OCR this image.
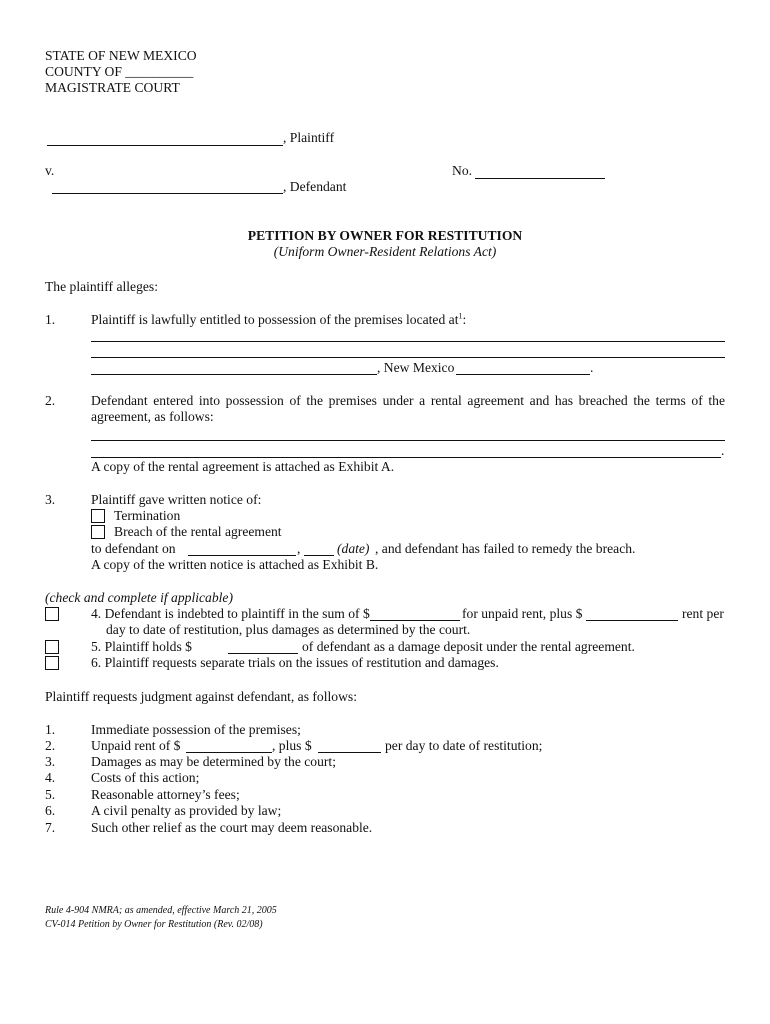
STATE OF NEW MEXICO
COUNTY OF __________
MAGISTRATE COURT
, Plaintiff
v.	No.
, Defendant
PETITION BY OWNER FOR RESTITUTION
(Uniform Owner-Resident Relations Act)
The plaintiff alleges:
1.	Plaintiff is lawfully entitled to possession of the premises located $at^1$:
, New Mexico	.
2.	Defendant entered into possession of the premises under a rental agreement and has breached the terms of the
agreement, as follows:
.
A copy of the rental agreement is attached as Exhibit A.
3.	Plaintiff gave written notice of:
Termination
Breach of the rental agreement
to defendant on	,	(date) , and defendant has failed to remedy the breach.
A copy of the written notice is attached as Exhibit B.
(check and complete if applicable)
4. Defendant is indebted to plaintiff in the sum of $	for unpaid rent, plus $	rent per
day to date of restitution, plus damages as determined by the court.
5. Plaintiff holds $	of defendant as a damage deposit under the rental agreement.
6. Plaintiff requests separate trials on the issues of restitution and damages.
Plaintiff requests judgment against defendant, as follows:
1.	Immediate possession of the premises;
2.	Unpaid rent of $	, plus $	per day to date of restitution;
3.	Damages as may be determined by the court;
4.	Costs of this action;
5.	Reasonable attorney’s fees;
6.	A civil penalty as provided by law;
7.	Such other relief as the court may deem reasonable.
Rule 4-904 NMRA; as amended, effective March 21, 2005
CV-014 Petition by Owner for Restitution (Rev. 02/08)
